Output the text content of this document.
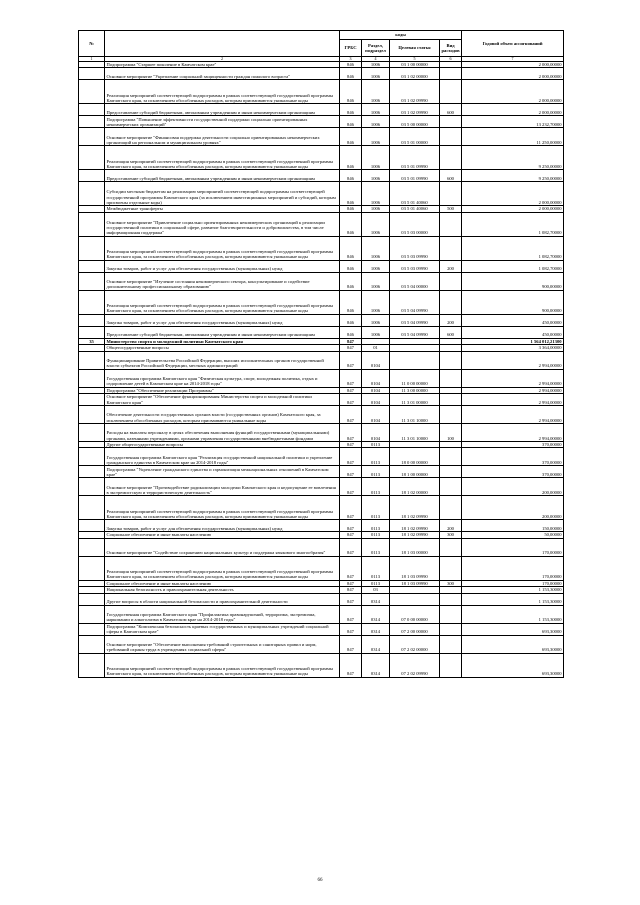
№		коды				Годовой объем ассигнований
		ГРБС	Раздел, подраздел	Целевая статья	Вид расходов	
1	2	3	4	5	6	7
	Подпрограмма "Старшее поколение в Камчатском крае"	846	1006	03 1 00 00000		2 000,00000
	Основное мероприятие "Укрепление социальной защищенности граждан пожилого возраста"	846	1006	03 1 02 00000		2 000,00000
	Реализация мероприятий соответствующей подпрограммы в рамках соответствующей государственной программы Камчатского края, за исключением обособленных расходов, которым присваиваются уникальные коды	846	1006	03 1 02 09990		2 000,00000
	Предоставление субсидий бюджетным, автономным учреждениям и иным некоммерческим организациям	846	1006	03 1 02 09990	600	2 000,00000
	Подпрограмма "Повышение эффективности государственной поддержки социально ориентированных некоммерческих организаций"	846	1006	03 5 00 00000		13 232,70000
	Основное мероприятие "Финансовая поддержка деятельности социально ориентированных некоммерческих организаций на региональном и муниципальном уровнях"	846	1006	03 5 01 00000		11 250,00000
	Реализация мероприятий соответствующей подпрограммы в рамках соответствующей государственной программы Камчатского края, за исключением обособленных расходов, которым присваиваются уникальные коды	846	1006	03 5 01 09990		9 250,00000
	Предоставление субсидий бюджетным, автономным учреждениям и иным некоммерческим организациям	846	1006	03 5 01 09990	600	9 250,00000
	Субсидии местным бюджетам на реализацию мероприятий соответствующей подпрограммы соответствующей государственной программы Камчатского края (за исключением инвестиционных мероприятий и субсидий, которым присвоены отдельные коды)	846	1006	03 5 01 40060		2 000,00000
	Межбюджетные трансферты	846	1006	03 5 01 40060	500	2 000,00000
	Основное мероприятие "Привлечение социально ориентированных некоммерческих организаций к реализации государственной политики в социальной сфере, развитие благотворительности и добровольчества, в том числе информационная поддержка"	846	1006	03 5 03 00000		1 082,70000
	Реализация мероприятий соответствующей подпрограммы в рамках соответствующей государственной программы Камчатского края, за исключением обособленных расходов, которым присваиваются уникальные коды	846	1006	03 5 03 09990		1 082,70000
	Закупка товаров, работ и услуг для обеспечения государственных (муниципальных) нужд	846	1006	03 5 03 09990	200	1 082,70000
	Основное мероприятие "Изучение состояния некоммерческого сектора, консультирование и содействие дополнительному профессиональному образованию"	846	1006	03 5 04 00000		900,00000
	Реализация мероприятий соответствующей подпрограммы в рамках соответствующей государственной программы Камчатского края, за исключением обособленных расходов, которым присваиваются уникальные коды	846	1006	03 5 04 09990		900,00000
	Закупка товаров, работ и услуг для обеспечения государственных (муниципальных) нужд	846	1006	03 5 04 09990	200	450,00000
	Предоставление субсидий бюджетным, автономным учреждениям и иным некоммерческим организациям	846	1006	03 5 04 09990	600	450,00000
35	Министерство спорта и молодежной политики Камчатского края	847				1 564 012,21300
	Общегосударственные вопросы	847	01			3 364,00000
	Функционирование Правительства Российской Федерации, высших исполнительных органов государственной власти субъектов Российской Федерации, местных администраций	847	0104			2 994,00000
	Государственная программа Камчатского края "Физическая культура, спорт, молодежная политика, отдых и оздоровление детей в Камчатском крае на 2014-2018 годы"	847	0104	11 0 00 00000		2 994,00000
	Подпрограмма "Обеспечение реализации Программы"	847	0104	11 3 00 00000		2 994,00000
	Основное мероприятие "Обеспечение функционирования Министерства спорта и молодежной политики Камчатского края"	847	0104	11 3 01 00000		2 994,00000
	Обеспечение деятельности государственных органов власти (государственных органов) Камчатского края, за исключением обособленных расходов, которым присваиваются уникальные коды	847	0104	11 3 01 10000		2 994,00000
	Расходы на выплаты персоналу в целях обеспечения выполнения функций государственными (муниципальными) органами, казенными учреждениями, органами управления государственными внебюджетными фондами	847	0104	11 3 01 10000	100	2 994,00000
	Другие общегосударственные вопросы	847	0113			370,00000
	Государственная программа Камчатского края "Реализация государственной национальной политики и укрепление гражданского единства в Камчатском крае на 2014-2018 годы"	847	0113	18 0 00 00000		370,00000
	Подпрограмма "Укрепление гражданского единства и гармонизация межнациональных отношений в Камчатском крае"	847	0113	18 1 00 00000		370,00000
	Основное мероприятие "Противодействие радикализации молодежи Камчатского края и недопущение ее вовлечения в экстремистскую и террористическую деятельность"	847	0113	18 1 02 00000		200,00000
	Реализация мероприятий соответствующей подпрограммы в рамках соответствующей государственной программы Камчатского края, за исключением обособленных расходов, которым присваиваются уникальные коды	847	0113	18 1 02 09990		200,00000
	Закупка товаров, работ и услуг для обеспечения государственных (муниципальных) нужд	847	0113	18 1 02 09990	200	150,00000
	Социальное обеспечение и иные выплаты населению	847	0113	18 1 02 09990	300	50,00000
	Основное мероприятие "Содействие сохранению национальных культур и поддержка языкового многообразия"	847	0113	18 1 03 00000		170,00000
	Реализация мероприятий соответствующей подпрограммы в рамках соответствующей государственной программы Камчатского края, за исключением обособленных расходов, которым присваиваются уникальные коды	847	0113	18 1 03 09990		170,00000
	Социальное обеспечение и иные выплаты населению	847	0113	18 1 03 09990	300	170,00000
	Национальная безопасность и правоохранительная деятельность	847	03			1 153,30000
	Другие вопросы в области национальной безопасности и правоохранительной деятельности	847	0314			1 153,30000
	Государственная программа Камчатского края "Профилактика правонарушений, терроризма, экстремизма, наркомании и алкоголизма в Камчатском крае на 2014-2018 годы"	847	0314	07 0 00 00000		1 153,30000
	Подпрограмма "Комплексная безопасность краевых государственных и муниципальных учреждений социальной сферы в Камчатском крае"	847	0314	07 2 00 00000		693,30000
	Основное мероприятие "Обеспечение выполнения требований строительных и санитарных правил и норм, требований охраны труда в учреждениях социальной сферы"	847	0314	07 2 02 00000		693,30000
	Реализация мероприятий соответствующей подпрограммы в рамках соответствующей государственной программы Камчатского края, за исключением обособленных расходов, которым присваиваются уникальные коды	847	0314	07 2 02 09990		693,30000
66
